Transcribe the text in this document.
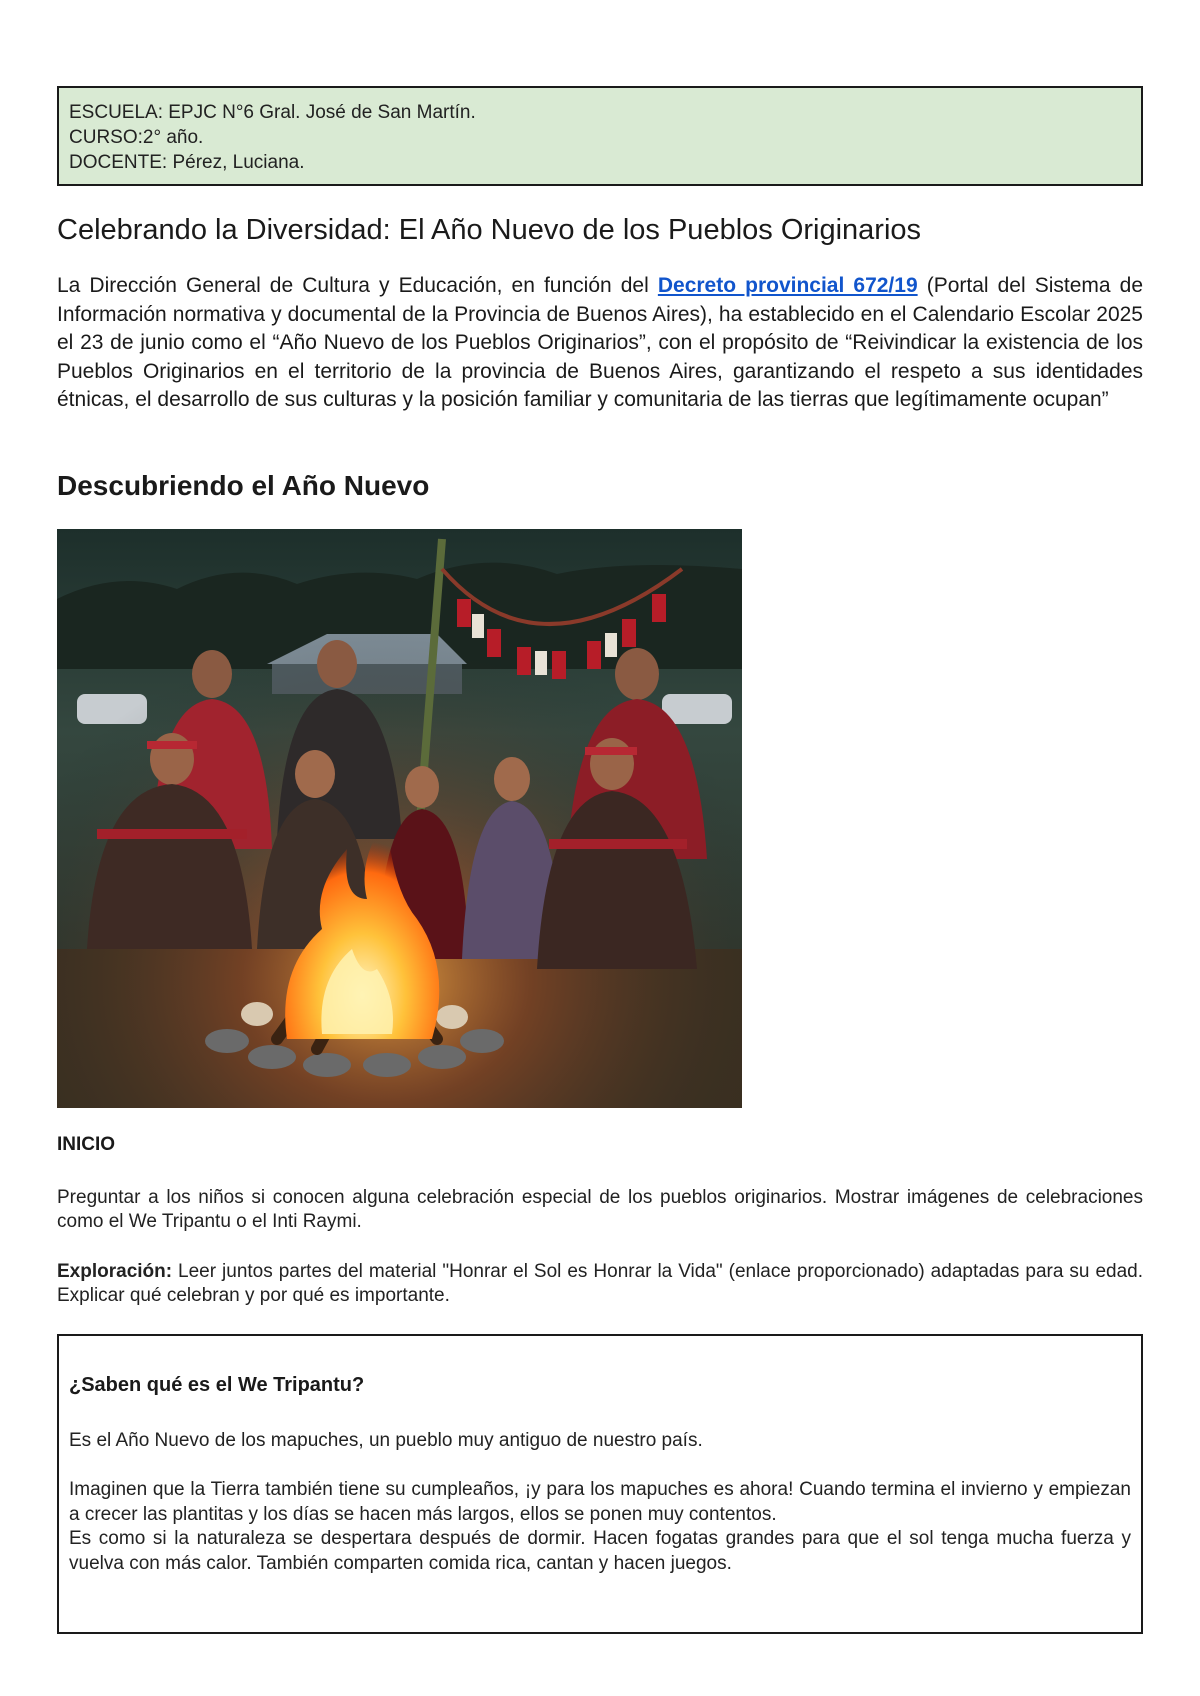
ESCUELA: EPJC N°6 Gral. José de San Martín.
CURSO:2° año.
DOCENTE: Pérez, Luciana.
Celebrando la Diversidad: El Año Nuevo de los Pueblos Originarios

La Dirección General de Cultura y Educación, en función del Decreto provincial 672/19 (Portal del Sistema de Información normativa y documental de la Provincia de Buenos Aires), ha establecido en el Calendario Escolar 2025 el 23 de junio como el “Año Nuevo de los Pueblos Originarios”, con el propósito de “Reivindicar la existencia de los Pueblos Originarios en el territorio de la provincia de Buenos Aires, garantizando el respeto a sus identidades étnicas, el desarrollo de sus culturas y la posición familiar y comunitaria de las tierras que legítimamente ocupan”

Descubriendo el Año Nuevo

INICIO

Preguntar a los niños si conocen alguna celebración especial de los pueblos originarios. Mostrar imágenes de celebraciones como el We Tripantu o el Inti Raymi.

Exploración: Leer juntos partes del material "Honrar el Sol es Honrar la Vida" (enlace proporcionado) adaptadas para su edad. Explicar qué celebran y por qué es importante.

¿Saben qué es el We Tripantu?

Es el Año Nuevo de los mapuches, un pueblo muy antiguo de nuestro país.

Imaginen que la Tierra también tiene su cumpleaños, ¡y para los mapuches es ahora! Cuando termina el invierno y empiezan a crecer las plantitas y los días se hacen más largos, ellos se ponen muy contentos.

Es como si la naturaleza se despertara después de dormir. Hacen fogatas grandes para que el sol tenga mucha fuerza y vuelva con más calor. También comparten comida rica, cantan y hacen juegos.
